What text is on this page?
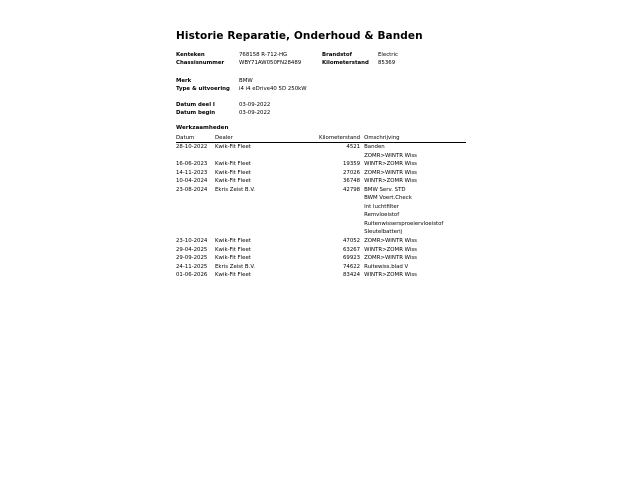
Historie Reparatie, Onderhoud & Banden
Kenteken	768158 R-712-HG	Brandstof	Electric
Chassisnummer	WBY71AW050FN28489	Kilometerstand 85369
Merk	BMW
Type & uitvoering i4 i4 eDrive40 5D 250kW
Datum deel I	03-09-2022
Datum begin	03-09-2022
Werkzaamheden
Datum	Dealer	Kilometerstand	Omschrijving
28-10-2022	Kwik-Fit Fleet	4521	Banden
			ZOMR>WINTR Wiss
16-06-2023	Kwik-Fit Fleet	19359	WINTR>ZOMR Wiss
14-11-2023	Kwik-Fit Fleet	27026	ZOMR>WINTR Wiss
10-04-2024	Kwik-Fit Fleet	36748	WINTR>ZOMR Wiss
23-08-2024	Ekris Zeist B.V.	42798	BMW Serv. STD
			BWM Voert.Check
			Int luchtfilter
			Remvloeistof
			Ruitenwissersproeiervloeistof
			Sleutelbatterij
23-10-2024	Kwik-Fit Fleet	47052	ZOMR>WINTR Wiss
29-04-2025	Kwik-Fit Fleet	63267	WINTR>ZOMR Wiss
29-09-2025	Kwik-Fit Fleet	69923	ZOMR>WINTR Wiss
24-11-2025	Ekris Zeist B.V.	74622	Ruitewiss.blad V
01-06-2026	Kwik-Fit Fleet	83424	WINTR>ZOMR Wiss
